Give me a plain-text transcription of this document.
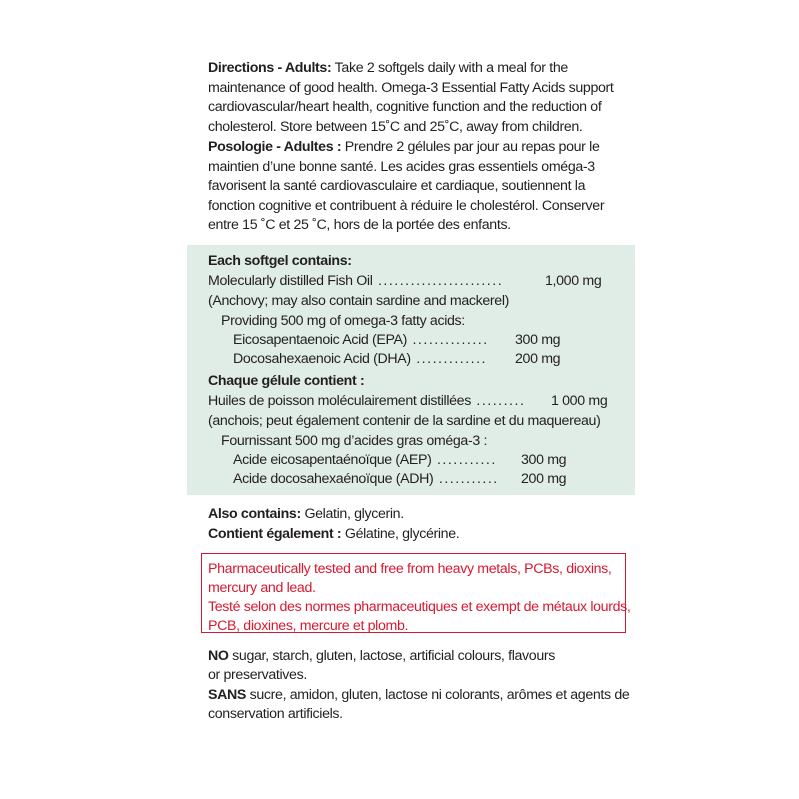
Directions - Adults: Take 2 softgels daily with a meal for the maintenance of good health. Omega-3 Essential Fatty Acids support cardiovascular/heart health, cognitive function and the reduction of cholesterol. Store between 15˚C and 25˚C, away from children.
Posologie - Adultes : Prendre 2 gélules par jour au repas pour le maintien d’une bonne santé. Les acides gras essentiels oméga-3 favorisent la santé cardiovasculaire et cardiaque, soutiennent la fonction cognitive et contribuent à réduire le cholestérol. Conserver entre 15 ˚C et 25 ˚C, hors de la portée des enfants.
Each softgel contains:
Molecularly distilled Fish Oil .......................	1,000 mg
(Anchovy; may also contain sardine and mackerel)
Providing 500 mg of omega-3 fatty acids:
Eicosapentaenoic Acid (EPA) .............. 300 mg
Docosahexaenoic Acid (DHA) ............. 200 mg
Chaque gélule contient :
Huiles de poisson moléculairement distillées ......... 1 000 mg
(anchois; peut également contenir de la sardine et du maquereau)
Fournissant 500 mg d’acides gras oméga-3 :
Acide eicosapentaénoïque (AEP) ........... 300 mg
Acide docosahexaénoïque (ADH) ........... 200 mg
Also contains: Gelatin, glycerin.
Contient également : Gélatine, glycérine.
Pharmaceutically tested and free from heavy metals, PCBs, dioxins,
mercury and lead.
Testé selon des normes pharmaceutiques et exempt de métaux lourds,
PCB, dioxines, mercure et plomb.
NO sugar, starch, gluten, lactose, artificial colours, flavours
or preservatives.
SANS sucre, amidon, gluten, lactose ni colorants, arômes et agents de
conservation artificiels.
